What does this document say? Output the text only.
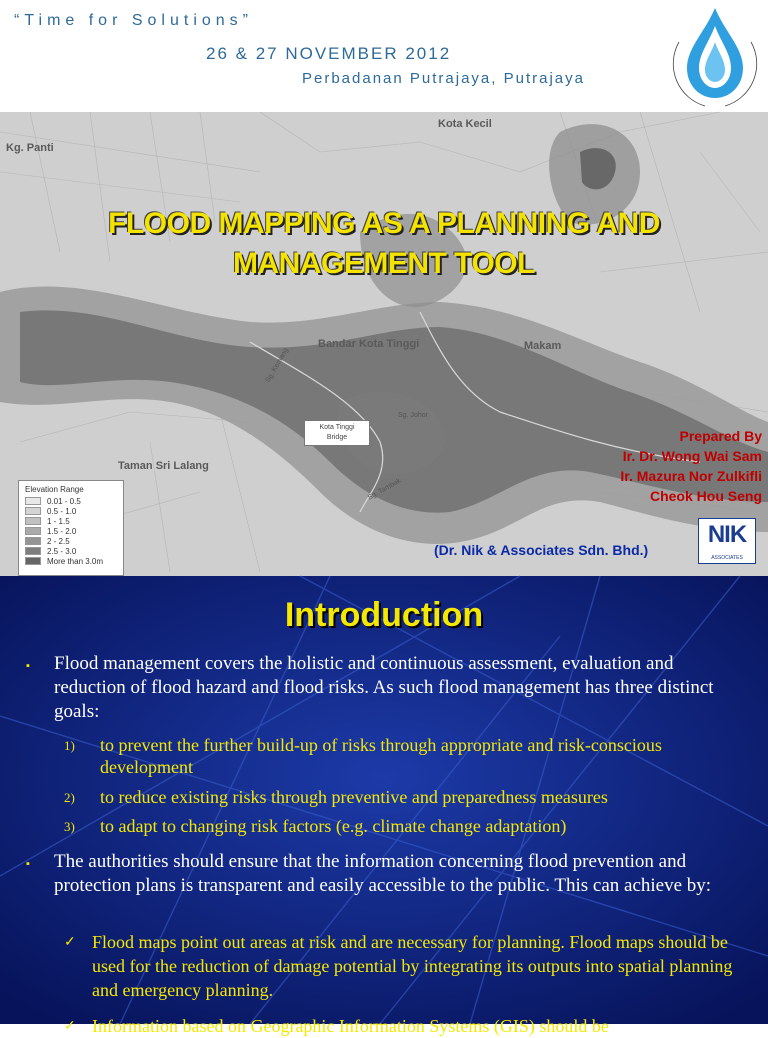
“Time for Solutions”
26 & 27 NOVEMBER 2012
Perbadanan Putrajaya, Putrajaya
Kota Kecil
Kg. Panti
Bandar Kota Tinggi	Makam
Taman Sri Lalang
Sg. Johor
Sg. Kemang
Sg. Tambak
Kota Tinggi
Bridge
Elevation Range
0.01 - 0.5
0.5 - 1.0
1 - 1.5
1.5 - 2.0
2 - 2.5
2.5 - 3.0
More than 3.0m
FLOOD MAPPING AS A PLANNING AND
MANAGEMENT TOOL
Prepared By
Ir. Dr. Wong Wai Sam
Ir. Mazura Nor Zulkifli
Cheok Hou Seng
(Dr. Nik & Associates Sdn. Bhd.)
NIK
ASSOCIATES
Introduction
▪ Flood management covers the holistic and continuous assessment, evaluation and reduction of flood hazard and flood risks. As such flood management has three distinct goals:
1) to prevent the further build-up of risks through appropriate and risk-conscious development
2) to reduce existing risks through preventive and preparedness measures
3) to adapt to changing risk factors (e.g. climate change adaptation)
▪ The authorities should ensure that the information concerning flood prevention and protection plans is transparent and easily accessible to the public. This can achieve by:
✓ Flood maps point out areas at risk and are necessary for planning. Flood maps should be used for the reduction of damage potential by integrating its outputs into spatial planning and emergency planning.
✓ Information based on Geographic Information Systems (GIS) should be
